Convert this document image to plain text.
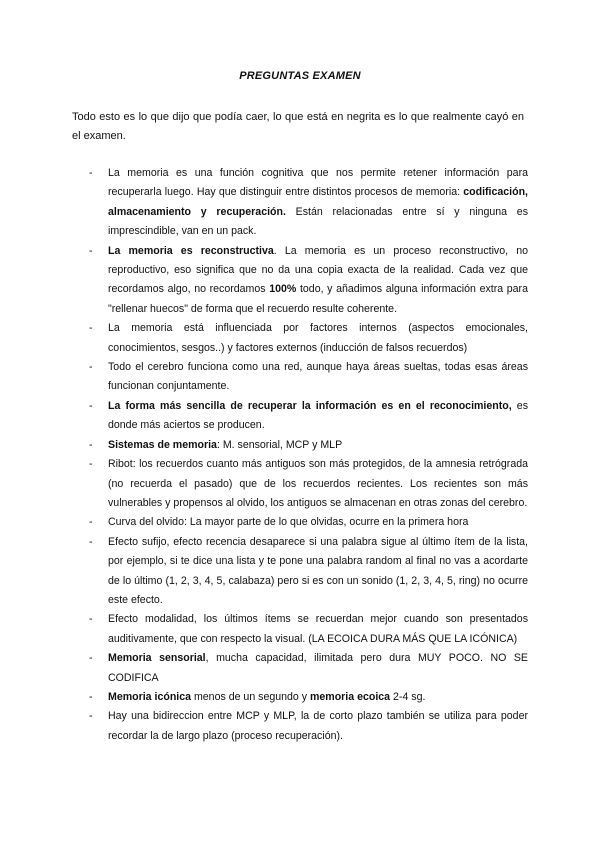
PREGUNTAS EXAMEN
Todo esto es lo que dijo que podía caer, lo que está en negrita es lo que realmente cayó en el examen.
- La memoria es una función cognitiva que nos permite retener información para recuperarla luego. Hay que distinguir entre distintos procesos de memoria: codificación, almacenamiento y recuperación. Están relacionadas entre sí y ninguna es imprescindible, van en un pack.
- La memoria es reconstructiva. La memoria es un proceso reconstructivo, no reproductivo, eso significa que no da una copia exacta de la realidad. Cada vez que recordamos algo, no recordamos 100% todo, y añadimos alguna información extra para "rellenar huecos" de forma que el recuerdo resulte coherente.
- La memoria está influenciada por factores internos (aspectos emocionales, conocimientos, sesgos..) y factores externos (inducción de falsos recuerdos)
- Todo el cerebro funciona como una red, aunque haya áreas sueltas, todas esas áreas funcionan conjuntamente.
- La forma más sencilla de recuperar la información es en el reconocimiento, es donde más aciertos se producen.
- Sistemas de memoria: M. sensorial, MCP y MLP
- Ribot: los recuerdos cuanto más antiguos son más protegidos, de la amnesia retrógrada (no recuerda el pasado) que de los recuerdos recientes. Los recientes son más vulnerables y propensos al olvido, los antiguos se almacenan en otras zonas del cerebro.
- Curva del olvido: La mayor parte de lo que olvidas, ocurre en la primera hora
- Efecto sufijo, efecto recencia desaparece si una palabra sigue al último ítem de la lista, por ejemplo, si te dice una lista y te pone una palabra random al final no vas a acordarte de lo último (1, 2, 3, 4, 5, calabaza) pero si es con un sonido (1, 2, 3, 4, 5, ring) no ocurre este efecto.
- Efecto modalidad, los últimos ítems se recuerdan mejor cuando son presentados auditivamente, que con respecto la visual. (LA ECOICA DURA MÁS QUE LA ICÓNICA)
- Memoria sensorial, mucha capacidad, ilimitada pero dura MUY POCO. NO SE CODIFICA
- Memoria icónica menos de un segundo y memoria ecoica 2-4 sg.
- Hay una bidireccion entre MCP y MLP, la de corto plazo también se utiliza para poder recordar la de largo plazo (proceso recuperación).
